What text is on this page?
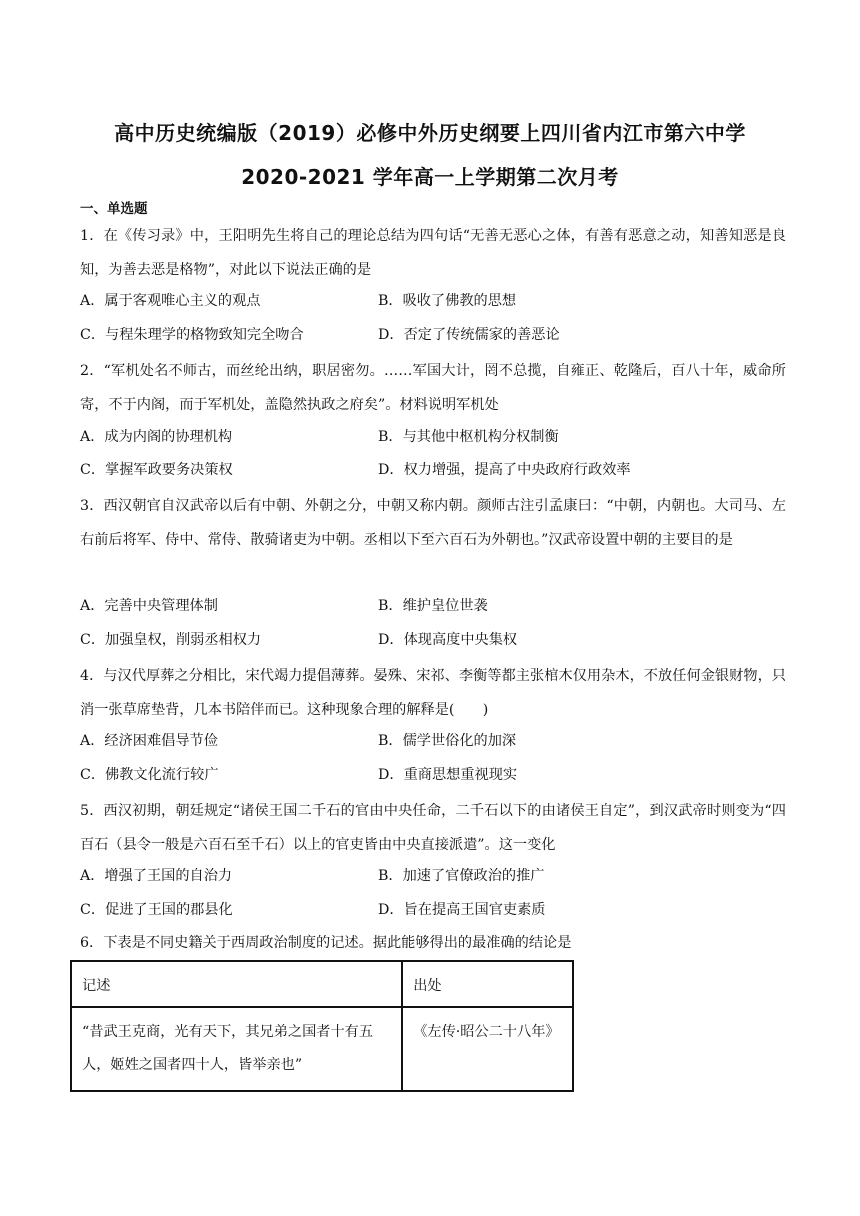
高中历史统编版（2019）必修中外历史纲要上四川省内江市第六中学
2020-2021 学年高一上学期第二次月考
一、单选题
1．在《传习录》中，王阳明先生将自己的理论总结为四句话“无善无恶心之体，有善有恶意之动，知善知恶是良知，为善去恶是格物”，对此以下说法正确的是
A．属于客观唯心主义的观点	B．吸收了佛教的思想
C．与程朱理学的格物致知完全吻合	D．否定了传统儒家的善恶论
2．“军机处名不师古，而丝纶出纳，职居密勿。……军国大计，罔不总揽，自雍正、乾隆后，百八十年，威命所寄，不于内阁，而于军机处，盖隐然执政之府矣”。材料说明军机处
A．成为内阁的协理机构	B．与其他中枢机构分权制衡
C．掌握军政要务决策权	D．权力增强，提高了中央政府行政效率
3．西汉朝官自汉武帝以后有中朝、外朝之分，中朝又称内朝。颜师古注引孟康曰：“中朝，内朝也。大司马、左右前后将军、侍中、常侍、散骑诸吏为中朝。丞相以下至六百石为外朝也。”汉武帝设置中朝的主要目的是
A．完善中央管理体制	B．维护皇位世袭
C．加强皇权，削弱丞相权力	D．体现高度中央集权
4．与汉代厚葬之分相比，宋代竭力提倡薄葬。晏殊、宋祁、李衡等都主张棺木仅用杂木，不放任何金银财物，只消一张草席垫背，几本书陪伴而已。这种现象合理的解释是(　　)
A．经济困难倡导节俭	B．儒学世俗化的加深
C．佛教文化流行较广	D．重商思想重视现实
5．西汉初期，朝廷规定“诸侯王国二千石的官由中央任命，二千石以下的由诸侯王自定”，到汉武帝时则变为“四百石（县令一般是六百石至千石）以上的官吏皆由中央直接派遣”。这一变化
A．增强了王国的自治力	B．加速了官僚政治的推广
C．促进了王国的郡县化	D．旨在提高王国官吏素质
6．下表是不同史籍关于西周政治制度的记述。据此能够得出的最准确的结论是
记述	出处
“昔武王克商，光有天下，其兄弟之国者十有五人，姬姓之国者四十人，皆举亲也”	《左传·昭公二十八年》
